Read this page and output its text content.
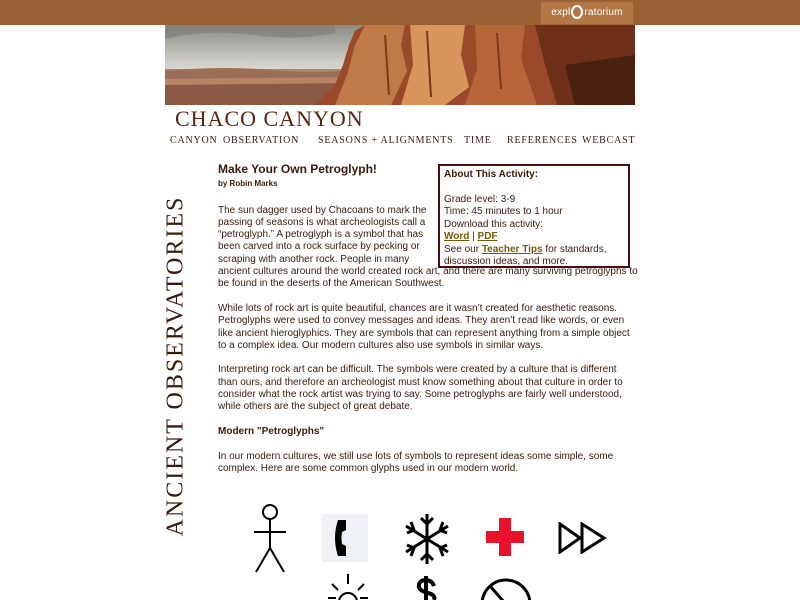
expl ratorium
CHACO CANYON
CANYON OBSERVATION SEASONS + ALIGNMENTS TIME REFERENCES WEBCAST
ANCIENT OBSERVATORIES
Make Your Own Petroglyph!
by Robin Marks

The sun dagger used by Chacoans to mark the passing of seasons is what archeologists call a “petroglyph.” A petroglyph is a symbol that has been carved into a rock surface by pecking or scraping with another rock. People in many

ancient cultures around the world created rock art, and there are many surviving petroglyphs to be found in the deserts of the American Southwest.

While lots of rock art is quite beautiful, chances are it wasn’t created for aesthetic reasons. Petroglyphs were used to convey messages and ideas. They aren’t read like words, or even like ancient hieroglyphics. They are symbols that can represent anything from a simple object to a complex idea. Our modern cultures also use symbols in similar ways.

Interpreting rock art can be difficult. The symbols were created by a culture that is different than ours, and therefore an archeologist must know something about that culture in order to consider what the rock artist was trying to say. Some petroglyphs are fairly well understood, while others are the subject of great debate.

Modern "Petroglyphs"

In our modern cultures, we still use lots of symbols to represent ideas some simple, some complex. Here are some common glyphs used in our modern world.

About This Activity:
Grade level: 3-9
Time: 45 minutes to 1 hour
Download this activity:
Word | PDF
See our Teacher Tips for standards, discussion ideas, and more.
